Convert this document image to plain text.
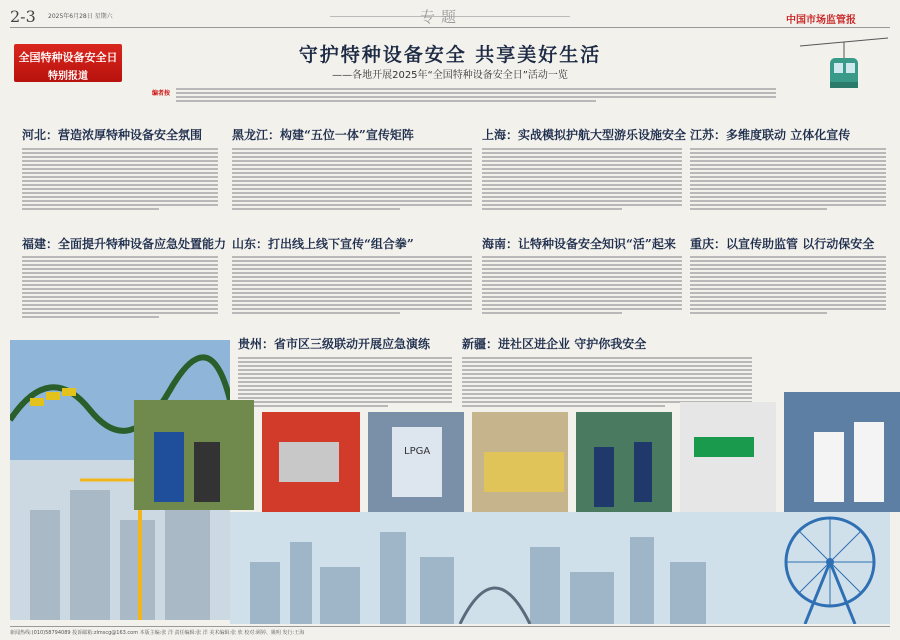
2-3 2025年6月28日 星期六	专题	中国市场监管报
全国特种设备安全日
特别报道
守护特种设备安全 共享美好生活
——各地开展2025年“全国特种设备安全日”活动一览
编者按
河北：营造浓厚特种设备安全氛围 黑龙江：构建“五位一体”宣传矩阵	上海：实战模拟护航大型游乐设施安全 江苏：多维度联动 立体化宣传
福建：全面提升特种设备应急处置能力 山东：打出线上线下宣传“组合拳”	海南：让特种设备安全知识“活”起来 重庆：以宣传助监管 以行动保安全
贵州：省市区三级联动开展应急演练	新疆：进社区进企业 守护你我安全
LPGA
新闻热线:(010)58794089 投诉邮箱:zlmscg@163.com 本版主编:张 洋 责任编辑:张 洋 美术编辑:张 欣 校对:顾婷、姚明 发行:王海
